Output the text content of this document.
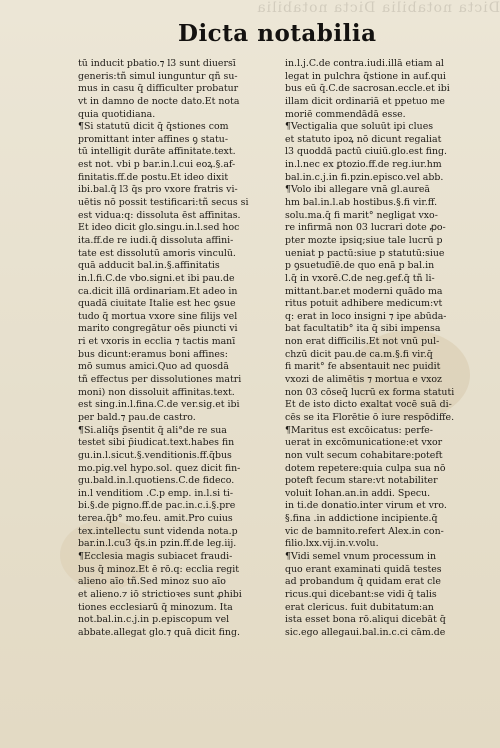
Dicta notabilia Dicta notabilia
Dicta notabilia
tū inducit̄ pbatio.⁊ l3 sunt diuersī
generis:tñ simul iunguntur qñ su-
mus in casu q̄ difficulter probatur
vt in damno de nocte dato.Et nota
quia quotidiana.
¶Si statutū dicit q̄ q̄stiones com
promittant inter affines ꝯ statu-
tū intelligit durāte affinitate.text.
est not. vbi p bar.in.l.cui eoꝝ.§.af-
finitatis.ff.de postu.Et ideo dixit
ibi.bal.q̄ l3 q̄s pro vxore fratris vi-
uētis nō possit testificari:tñ secus si
est vidua:q: dissoluta ēst affinitas.
Et ideo dicit glo.singu.in.l.sed hoc
ita.ff.de re iudi.q̄ dissoluta affini-
tate est dissolutū amoris vinculū.
quā adducit bal.in.§.affinitatis
in.l.fi.C.de vbo.signi.et ibi pau.de
ca.dicit illā ordinariam.Et adeo in
quadā ciuitate Italie est hec ꝯsue
tudo q̄ mortua vxore sine filijs vel
marito congregātur oēs piuncti vi
ri et vxoris in ecclia ⁊ tactis manī
bus dicunt:eramus boni affines:
mō sumus amici.Quo ad quosdā
tñ effectus per dissolutiones matri
moni) non dissoluit affinitas.text.
est sing.in.l.fina.C.de ver.sig.et ibi
per bald.⁊ pau.de castro.
¶Si.aliq̄s p̄sentit q̄ ali°de re sua
testet sibi p̄iudicat.text.habes fin
gu.in.l.sicut.§.venditionis.ff.q̄bus
mo.pig.vel hypo.sol. quez dicit fin-
gu.bald.in.l.quotiens.C.de fideco.
in.l venditiom .C.p emp. in.l.si ti-
bi.§.de pigno.ff.de pac.in.c.i.§.pre
terea.q̄b° mo.feu. amit.Pro cuius
tex.intellectu sunt videnda nota.p
bar.in.l.cu3 q̄s.in pzin.ff.de leg.iij.
¶Ecclesia magis subiacet fraudi-
bus q̄ minoz.Et ē rō.q: ecclia regit
alieno aīo tñ.Sed minoz suo aīo
et alieno.⁊ iō strictioꝛes sunt ꝓhibi
tiones ecclesiarū q̄ minozum. Ita
not.bal.in.c.j.in p.episcopum vel
abbate.allegat glo.⁊ quā dicit fing.
in.l.j.C.de contra.iudi.illā etiam al
legat in pulchra q̄stione in auf.qui
bus eū q̄.C.de sacrosan.eccle.et ibi
illam dicit ordinariā et ppetuo me
moriē commendādā esse.
¶Vectigalia que soluūt ipi clues
et statuto ipoꝝ nō dicunt regaliat
l3 quoddā pactū ciuiū.glo.est fing.
in.l.nec ex ꝑtozio.ff.de reg.iur.hm
bal.in.c.j.in fi.pzin.episco.vel abb.
¶Volo ibi allegare vnā gl.aureā
hm bal.in.l.ab hostibus.§.fi vir.ff.
solu.ma.q̄ fi marit° negligat vxo-
re infirmā non 03 lucrari dote ꝓo-
pter mozte ipsiq;siue tale lucrū p
ueniat p pactū:siue p statutū:siue
p ꝯsuetudīē.de quo enā p bal.in
l.q̄ in vxorē.C.de neg.gef.q̄ tñ li-
mittant.bar.et moderni quādo ma
ritus potuit adhibere medicum:vt
q: erat in loco insigni ⁊ ipe abūda-
bat facultatib° ita q̄ sibi impensa
non erat difficilis.Et not vnū pul-
chzū dicit pau.de ca.m.§.fi vir.q̄
fi marit° fe absentauit nec puidit
vxozi de alimētis ⁊ mortua e vxoz
non 03 cōseq̄ lucrū ex forma statuti
Et de isto dicto exaltat vocē suā di-
cēs se ita Florētie ō iure respōdiffe.
¶Maritus est excōicatus: perfe-
uerat in excōmunicatione:et vxor
non vult secum cohabitare:poteft
dotem repetere:quia culpa sua nō
poteft fecum stare:vt notabiliter
voluit Iohan.an.in addi. Specu.
in ti.de donatio.inter virum et vro.
§.fina .in addictione incipiente.q̄
vic de bamnito.refert Alex.in con-
filio.lxx.vij.in.v.volu.
¶Vidi semel vnum processum in
quo erant examinati quidā testes
ad probandum q̄ quidam erat cle
ricus.qui dicebant:se vidi q̄ talis
erat clericus. fuit dubitatum:an
ista esset bona rō.aliqui dicebāt q̄
sic.ego allegaui.bal.in.c.ci cām.de
